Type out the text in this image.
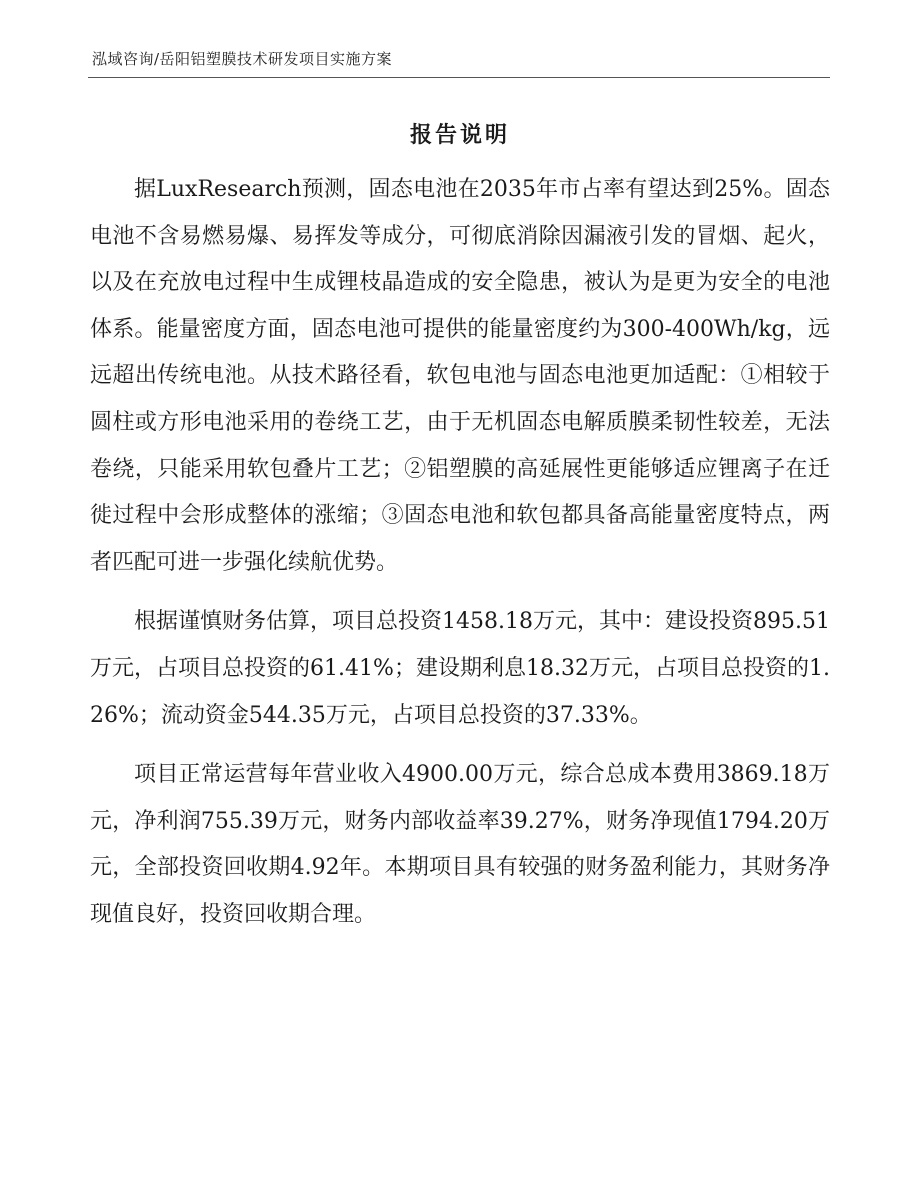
泓域咨询/岳阳铝塑膜技术研发项目实施方案
报告说明

据LuxResearch预测，固态电池在2035年市占率有望达到25%。固态电池不含易燃易爆、易挥发等成分，可彻底消除因漏液引发的冒烟、起火，以及在充放电过程中生成锂枝晶造成的安全隐患，被认为是更为安全的电池体系。能量密度方面，固态电池可提供的能量密度约为300-400Wh/kg，远远超出传统电池。从技术路径看，软包电池与固态电池更加适配：①相较于圆柱或方形电池采用的卷绕工艺，由于无机固态电解质膜柔韧性较差，无法卷绕，只能采用软包叠片工艺；②铝塑膜的高延展性更能够适应锂离子在迁徙过程中会形成整体的涨缩；③固态电池和软包都具备高能量密度特点，两者匹配可进一步强化续航优势。

根据谨慎财务估算，项目总投资1458.18万元，其中：建设投资895.51万元，占项目总投资的61.41%；建设期利息18.32万元，占项目总投资的1.26%；流动资金544.35万元，占项目总投资的37.33%。

项目正常运营每年营业收入4900.00万元，综合总成本费用3869.18万元，净利润755.39万元，财务内部收益率39.27%，财务净现值1794.20万元，全部投资回收期4.92年。本期项目具有较强的财务盈利能力，其财务净现值良好，投资回收期合理。
